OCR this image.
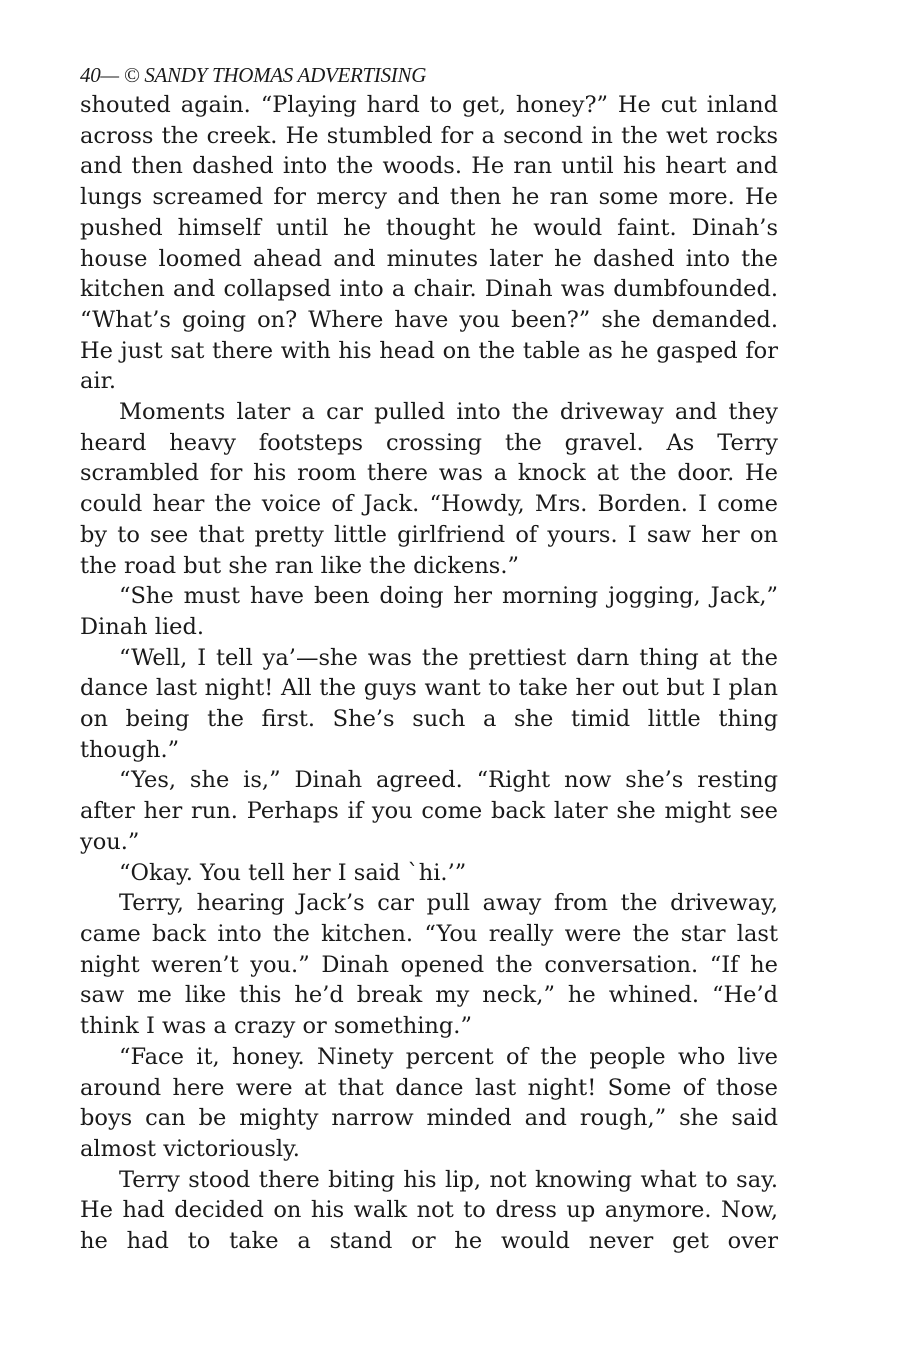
40— © SANDY THOMAS ADVERTISING

shouted again. “Playing hard to get, honey?” He cut inland across the creek. He stumbled for a second in the wet rocks and then dashed into the woods. He ran until his heart and lungs screamed for mercy and then he ran some more. He pushed himself until he thought he would faint. Dinah’s house loomed ahead and minutes later he dashed into the kitchen and collapsed into a chair. Dinah was dumbfounded. “What’s going on? Where have you been?” she demanded. He just sat there with his head on the table as he gasped for air.

Moments later a car pulled into the driveway and they heard heavy footsteps crossing the gravel. As Terry scrambled for his room there was a knock at the door. He could hear the voice of Jack. “Howdy, Mrs. Borden. I come by to see that pretty little girlfriend of yours. I saw her on the road but she ran like the dickens.”

“She must have been doing her morning jogging, Jack,” Dinah lied.

“Well, I tell ya’—she was the prettiest darn thing at the dance last night! All the guys want to take her out but I plan on being the first. She’s such a she timid little thing though.”

“Yes, she is,” Dinah agreed. “Right now she’s resting after her run. Perhaps if you come back later she might see you.”

“Okay. You tell her I said `hi.’”

Terry, hearing Jack’s car pull away from the driveway, came back into the kitchen. “You really were the star last night weren’t you.” Dinah opened the conversation. “If he saw me like this he’d break my neck,” he whined. “He’d think I was a crazy or something.”

“Face it, honey. Ninety percent of the people who live around here were at that dance last night! Some of those boys can be mighty narrow minded and rough,” she said almost victoriously.

Terry stood there biting his lip, not knowing what to say. He had decided on his walk not to dress up anymore. Now, he had to take a stand or he would never get over
